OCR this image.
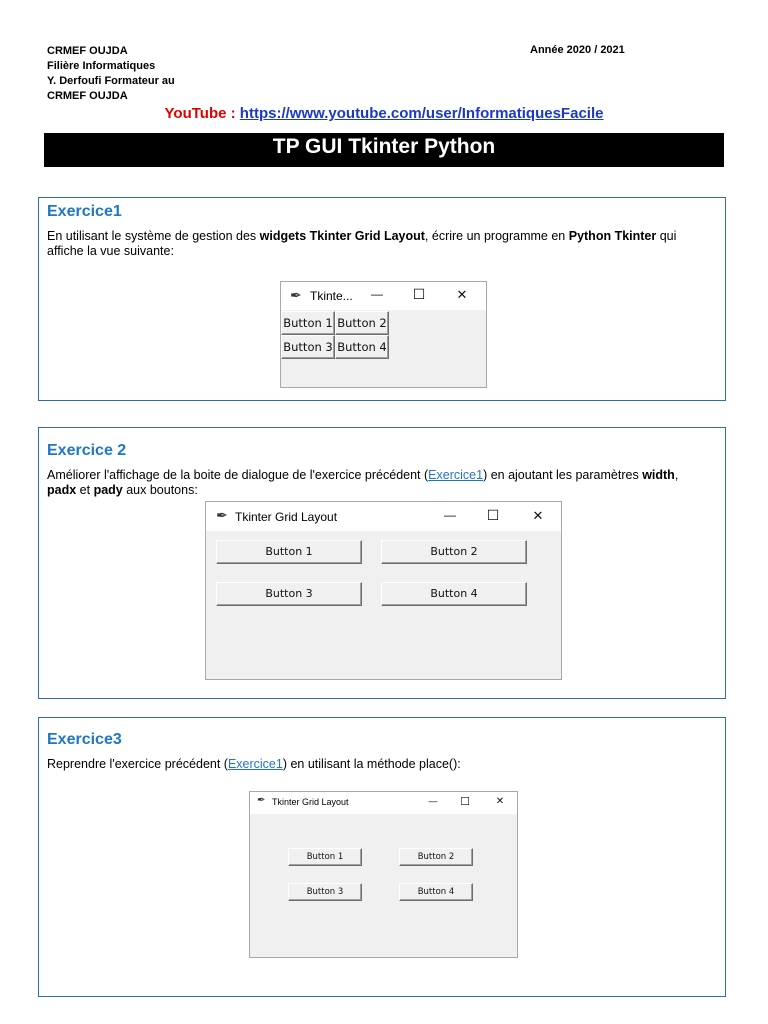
CRMEF OUJDA
Filière Informatiques
Y. Derfoufi Formateur au
CRMEF OUJDA
Année 2020 / 2021
YouTube : https://www.youtube.com/user/InformatiquesFacile
TP GUI Tkinter Python
Exercice1

En utilisant le système de gestion des widgets Tkinter Grid Layout, écrire un programme en Python Tkinter qui affiche la vue suivante:

✒ Tkinte...	— ☐	✕
Button 1 Button 2
Button 3 Button 4
Exercice 2

Améliorer l'affichage de la boite de dialogue de l'exercice précédent (Exercice1) en ajoutant les paramètres width, padx et pady aux boutons:

✒ Tkinter Grid Layout	— ☐	✕
Button 1	Button 2
Button 3	Button 4
Exercice3

Reprendre l'exercice précédent (Exercice1) en utilisant la méthode place():

✒ Tkinter Grid Layout	—	☐	✕
Button 1	Button 2
Button 3	Button 4
